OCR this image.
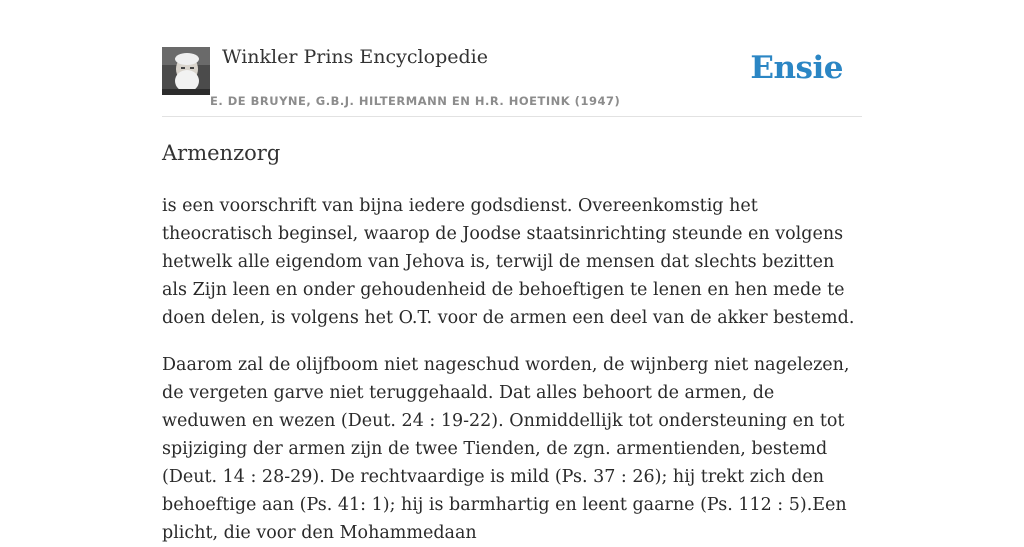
Winkler Prins Encyclopedie
E. DE BRUYNE, G.B.J. HILTERMANN EN H.R. HOETINK (1947)
Ensie
Armenzorg

is een voorschrift van bijna iedere godsdienst. Overeenkomstig het theocratisch beginsel, waarop de Joodse staatsinrichting steunde en volgens hetwelk alle eigendom van Jehova is, terwijl de mensen dat slechts bezitten als Zijn leen en onder gehoudenheid de behoeftigen te lenen en hen mede te doen delen, is volgens het O.T. voor de armen een deel van de akker bestemd.

Daarom zal de olijfboom niet nageschud worden, de wijnberg niet nagelezen, de vergeten garve niet teruggehaald. Dat alles behoort de armen, de weduwen en wezen (Deut. 24 : 19-22). Onmiddellijk tot ondersteuning en tot spijziging der armen zijn de twee Tienden, de zgn. armentienden, bestemd (Deut. 14 : 28-29). De rechtvaardige is mild (Ps. 37 : 26); hij trekt zich den behoeftige aan (Ps. 41: 1); hij is barmhartig en leent gaarne (Ps. 112 : 5).Een plicht, die voor den Mohammedaan
